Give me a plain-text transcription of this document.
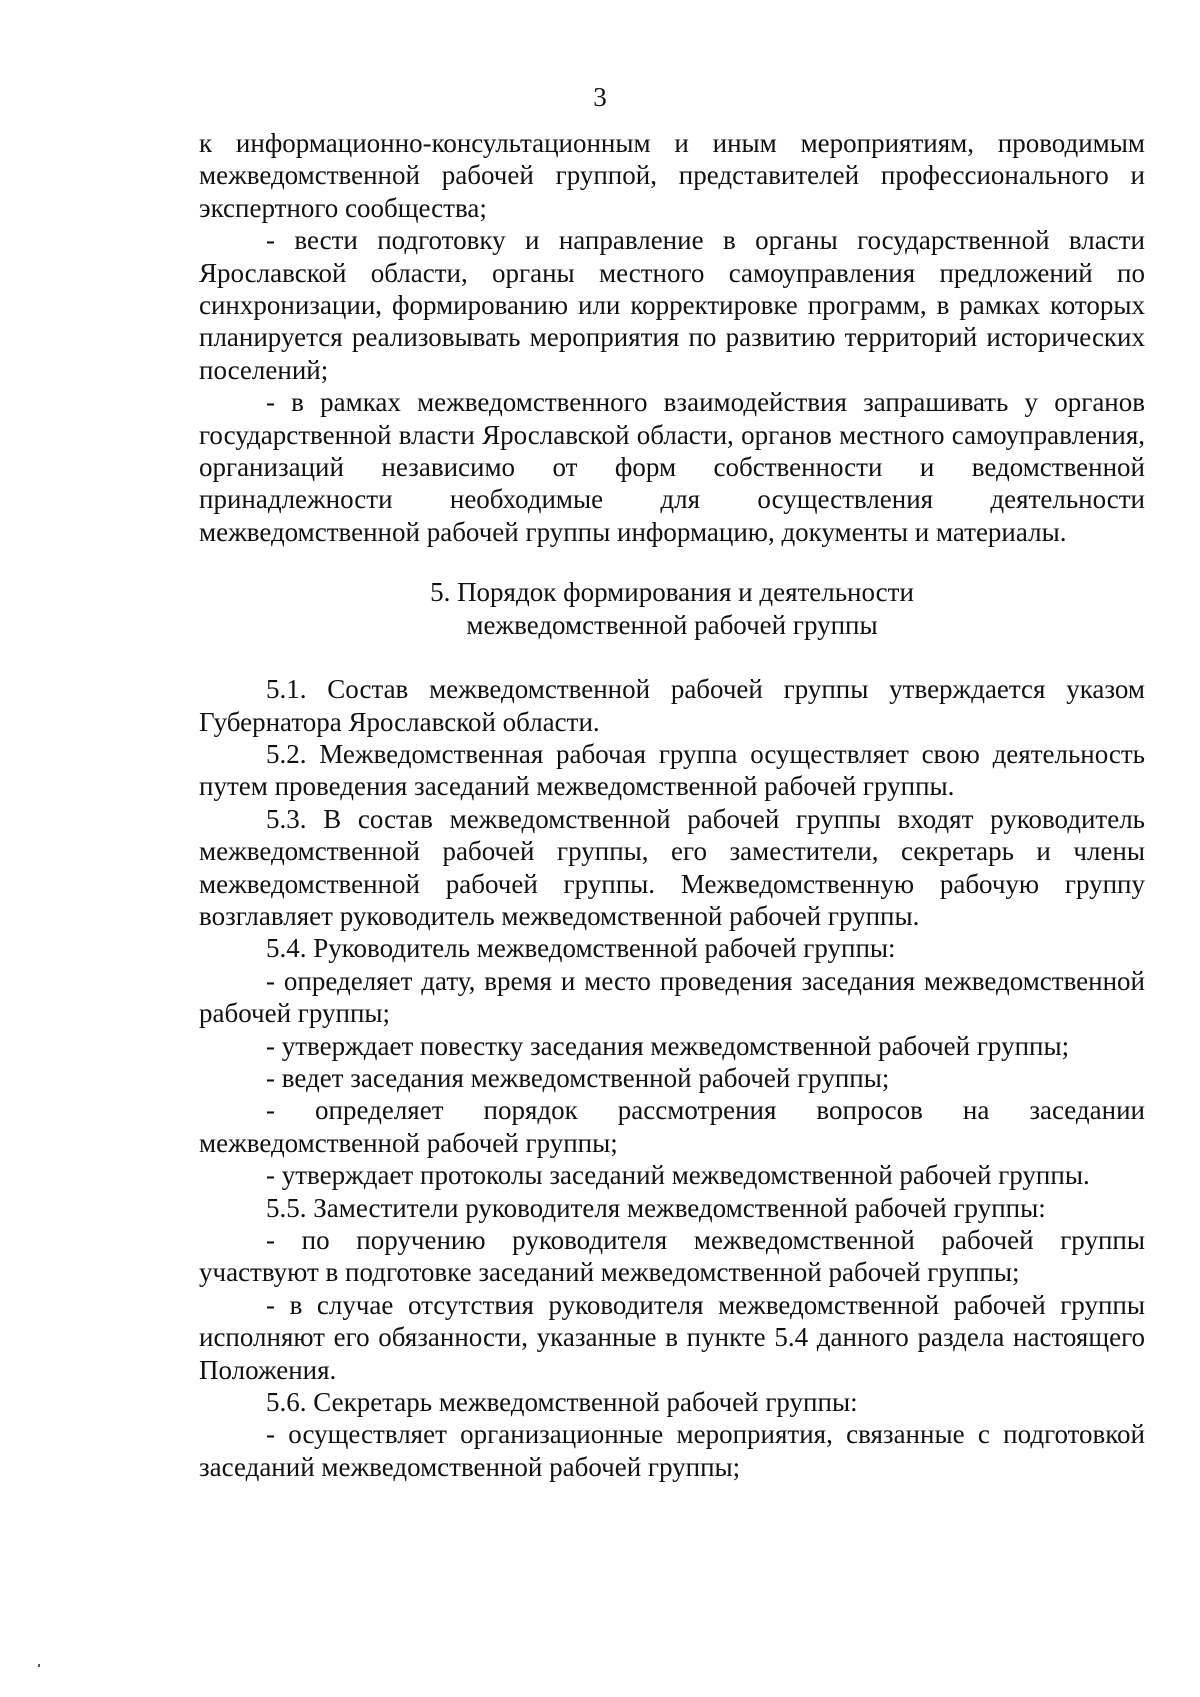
3

к информационно-консультационным и иным мероприятиям, проводимым межведомственной рабочей группой, представителей профессионального и экспертного сообщества;

- вести подготовку и направление в органы государственной власти Ярославской области, органы местного самоуправления предложений по синхронизации, формированию или корректировке программ, в рамках которых планируется реализовывать мероприятия по развитию территорий исторических поселений;

- в рамках межведомственного взаимодействия запрашивать у органов государственной власти Ярославской области, органов местного самоуправления, организаций независимо от форм собственности и ведомственной принадлежности необходимые для осуществления деятельности межведомственной рабочей группы информацию, документы и материалы.

5. Порядок формирования и деятельности
межведомственной рабочей группы

5.1. Состав межведомственной рабочей группы утверждается указом Губернатора Ярославской области.

5.2. Межведомственная рабочая группа осуществляет свою деятельность путем проведения заседаний межведомственной рабочей группы.

5.3. В состав межведомственной рабочей группы входят руководитель межведомственной рабочей группы, его заместители, секретарь и члены межведомственной рабочей группы. Межведомственную рабочую группу возглавляет руководитель межведомственной рабочей группы.

5.4. Руководитель межведомственной рабочей группы:

- определяет дату, время и место проведения заседания межведомственной рабочей группы;

- утверждает повестку заседания межведомственной рабочей группы;

- ведет заседания межведомственной рабочей группы;

- определяет порядок рассмотрения вопросов на заседании межведомственной рабочей группы;

- утверждает протоколы заседаний межведомственной рабочей группы.

5.5. Заместители руководителя межведомственной рабочей группы:

- по поручению руководителя межведомственной рабочей группы участвуют в подготовке заседаний межведомственной рабочей группы;

- в случае отсутствия руководителя межведомственной рабочей группы исполняют его обязанности, указанные в пункте 5.4 данного раздела настоящего Положения.

5.6. Секретарь межведомственной рабочей группы:

- осуществляет организационные мероприятия, связанные с подготовкой заседаний межведомственной рабочей группы;
